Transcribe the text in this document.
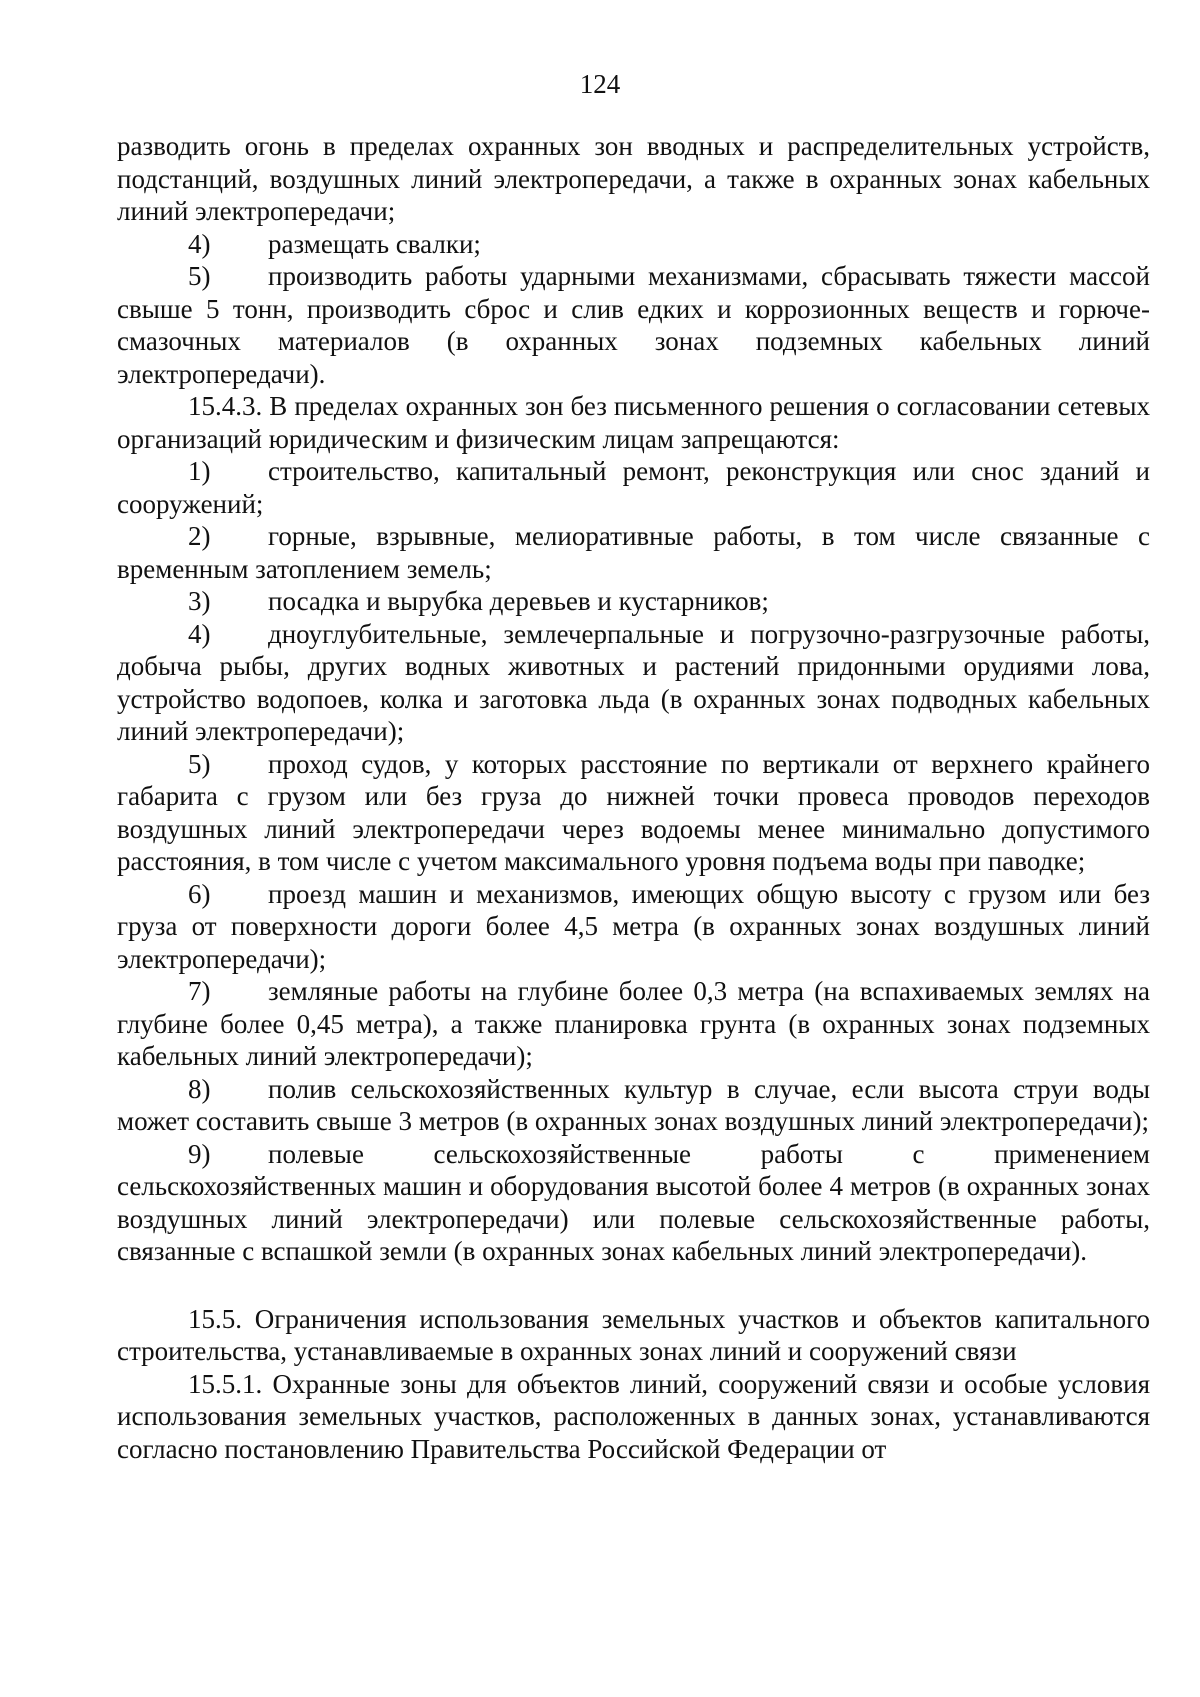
124

разводить огонь в пределах охранных зон вводных и распределительных устройств, подстанций, воздушных линий электропередачи, а также в охранных зонах кабельных линий электропередачи;

4) размещать свалки;

5) производить работы ударными механизмами, сбрасывать тяжести массой свыше 5 тонн, производить сброс и слив едких и коррозионных веществ и горюче-смазочных материалов (в охранных зонах подземных кабельных линий электропередачи).

15.4.3. В пределах охранных зон без письменного решения о согласовании сетевых организаций юридическим и физическим лицам запрещаются:

1) строительство, капитальный ремонт, реконструкция или снос зданий и сооружений;

2) горные, взрывные, мелиоративные работы, в том числе связанные с временным затоплением земель;

3) посадка и вырубка деревьев и кустарников;

4) дноуглубительные, землечерпальные и погрузочно-разгрузочные работы, добыча рыбы, других водных животных и растений придонными орудиями лова, устройство водопоев, колка и заготовка льда (в охранных зонах подводных кабельных линий электропередачи);

5) проход судов, у которых расстояние по вертикали от верхнего крайнего габарита с грузом или без груза до нижней точки провеса проводов переходов воздушных линий электропередачи через водоемы менее минимально допустимого расстояния, в том числе с учетом максимального уровня подъема воды при паводке;

6) проезд машин и механизмов, имеющих общую высоту с грузом или без груза от поверхности дороги более 4,5 метра (в охранных зонах воздушных линий электропередачи);

7) земляные работы на глубине более 0,3 метра (на вспахиваемых землях на глубине более 0,45 метра), а также планировка грунта (в охранных зонах подземных кабельных линий электропередачи);

8) полив сельскохозяйственных культур в случае, если высота струи воды может составить свыше 3 метров (в охранных зонах воздушных линий электропередачи);

9) полевые сельскохозяйственные работы с применением сельскохозяйственных машин и оборудования высотой более 4 метров (в охранных зонах воздушных линий электропередачи) или полевые сельскохозяйственные работы, связанные с вспашкой земли (в охранных зонах кабельных линий электропередачи).

15.5. Ограничения использования земельных участков и объектов капитального строительства, устанавливаемые в охранных зонах линий и сооружений связи

15.5.1. Охранные зоны для объектов линий, сооружений связи и особые условия использования земельных участков, расположенных в данных зонах, устанавливаются согласно постановлению Правительства Российской Федерации от
